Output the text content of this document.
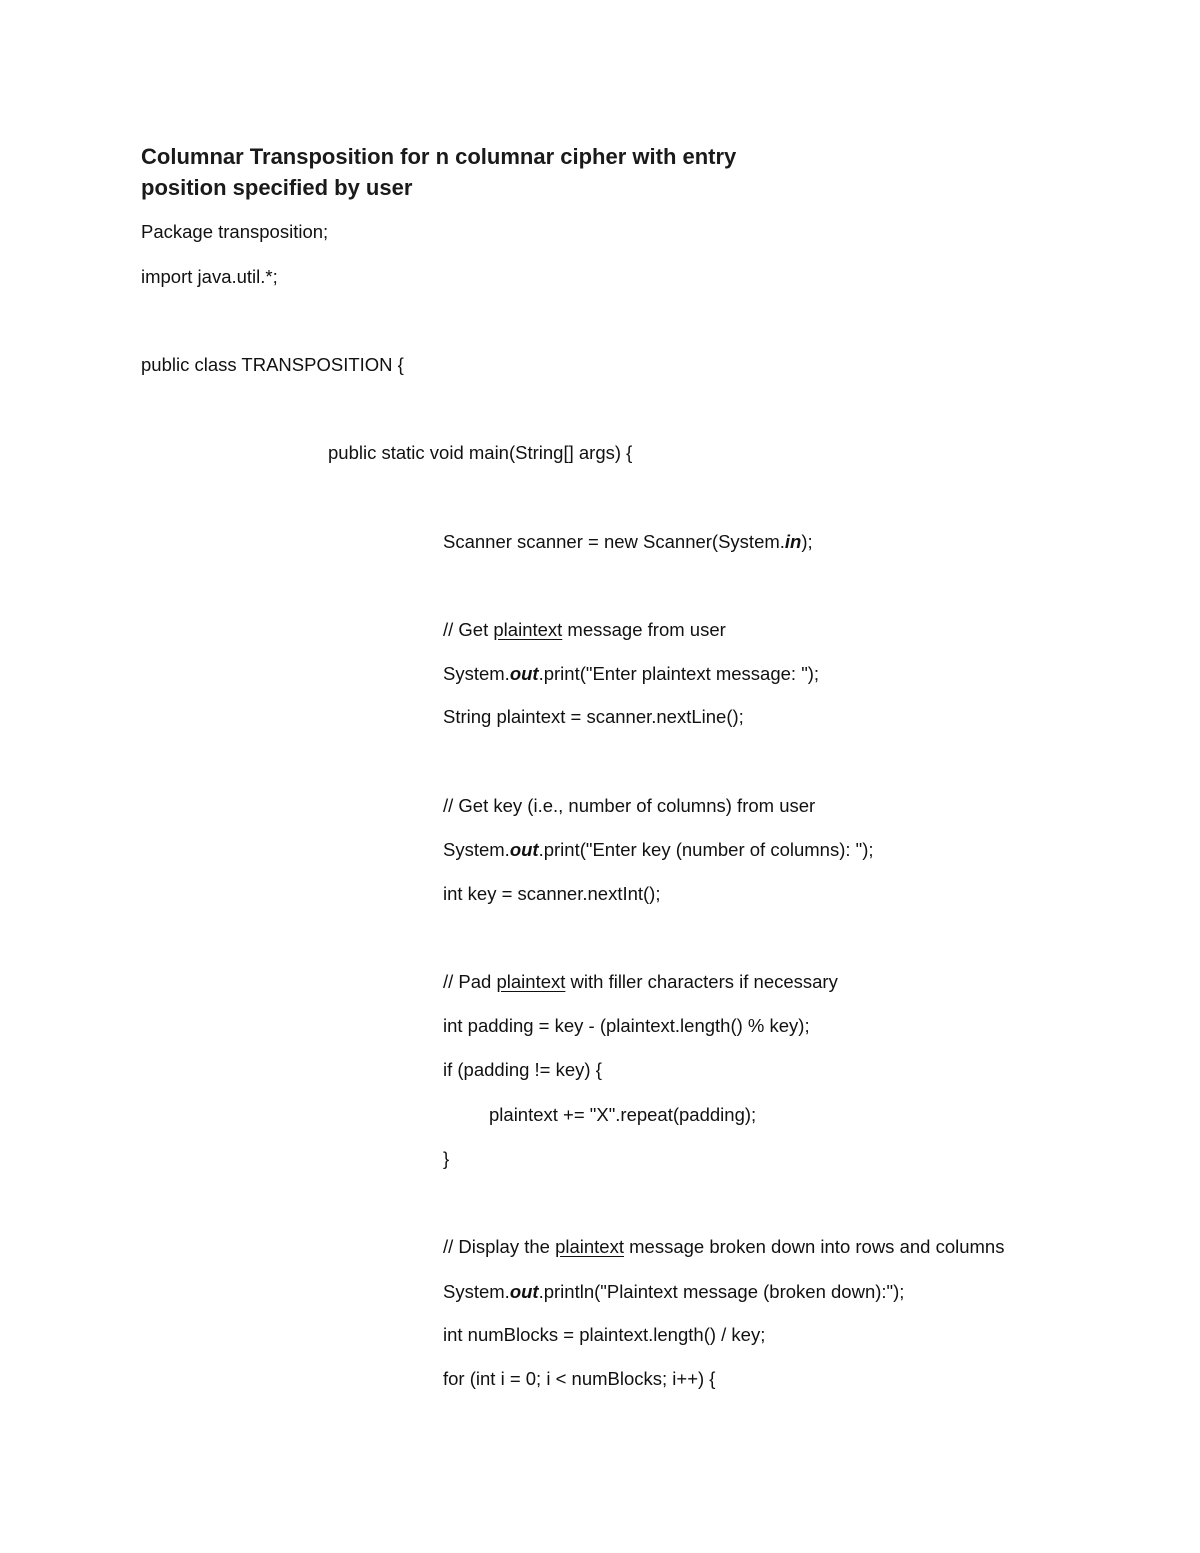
Columnar Transposition for n columnar cipher with entry
position specified by user
Package transposition;
import java.util.*;
public class TRANSPOSITION {
public static void main(String[] args) {
Scanner scanner = new Scanner(System.in);
// Get plaintext message from user
System.out.print("Enter plaintext message: ");
String plaintext = scanner.nextLine();
// Get key (i.e., number of columns) from user
System.out.print("Enter key (number of columns): ");
int key = scanner.nextInt();
// Pad plaintext with filler characters if necessary
int padding = key - (plaintext.length() % key);
if (padding != key) {
plaintext += "X".repeat(padding);
}
// Display the plaintext message broken down into rows and columns
System.out.println("Plaintext message (broken down):");
int numBlocks = plaintext.length() / key;
for (int i = 0; i < numBlocks; i++) {
